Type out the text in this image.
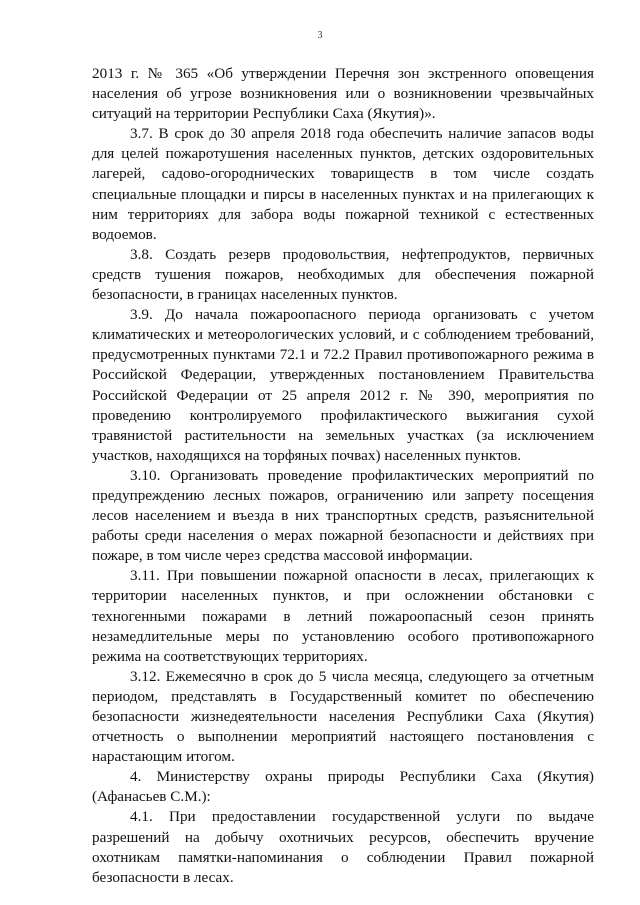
3

2013 г. № 365 «Об утверждении Перечня зон экстренного оповещения населения об угрозе возникновения или о возникновении чрезвычайных ситуаций на территории Республики Саха (Якутия)».

3.7. В срок до 30 апреля 2018 года обеспечить наличие запасов воды для целей пожаротушения населенных пунктов, детских оздоровительных лагерей, садово-огороднических товариществ в том числе создать специальные площадки и пирсы в населенных пунктах и на прилегающих к ним территориях для забора воды пожарной техникой с естественных водоемов.

3.8. Создать резерв продовольствия, нефтепродуктов, первичных средств тушения пожаров, необходимых для обеспечения пожарной безопасности, в границах населенных пунктов.

3.9. До начала пожароопасного периода организовать с учетом климатических и метеорологических условий, и с соблюдением требований, предусмотренных пунктами 72.1 и 72.2 Правил противопожарного режима в Российской Федерации, утвержденных постановлением Правительства Российской Федерации от 25 апреля 2012 г. № 390, мероприятия по проведению контролируемого профилактического выжигания сухой травянистой растительности на земельных участках (за исключением участков, находящихся на торфяных почвах) населенных пунктов.

3.10. Организовать проведение профилактических мероприятий по предупреждению лесных пожаров, ограничению или запрету посещения лесов населением и въезда в них транспортных средств, разъяснительной работы среди населения о мерах пожарной безопасности и действиях при пожаре, в том числе через средства массовой информации.

3.11. При повышении пожарной опасности в лесах, прилегающих к территории населенных пунктов, и при осложнении обстановки с техногенными пожарами в летний пожароопасный сезон принять незамедлительные меры по установлению особого противопожарного режима на соответствующих территориях.

3.12. Ежемесячно в срок до 5 числа месяца, следующего за отчетным периодом, представлять в Государственный комитет по обеспечению безопасности жизнедеятельности населения Республики Саха (Якутия) отчетность о выполнении мероприятий настоящего постановления с нарастающим итогом.

4. Министерству охраны природы Республики Саха (Якутия) (Афанасьев С.М.):

4.1. При предоставлении государственной услуги по выдаче разрешений на добычу охотничьих ресурсов, обеспечить вручение охотникам памятки-напоминания о соблюдении Правил пожарной безопасности в лесах.
